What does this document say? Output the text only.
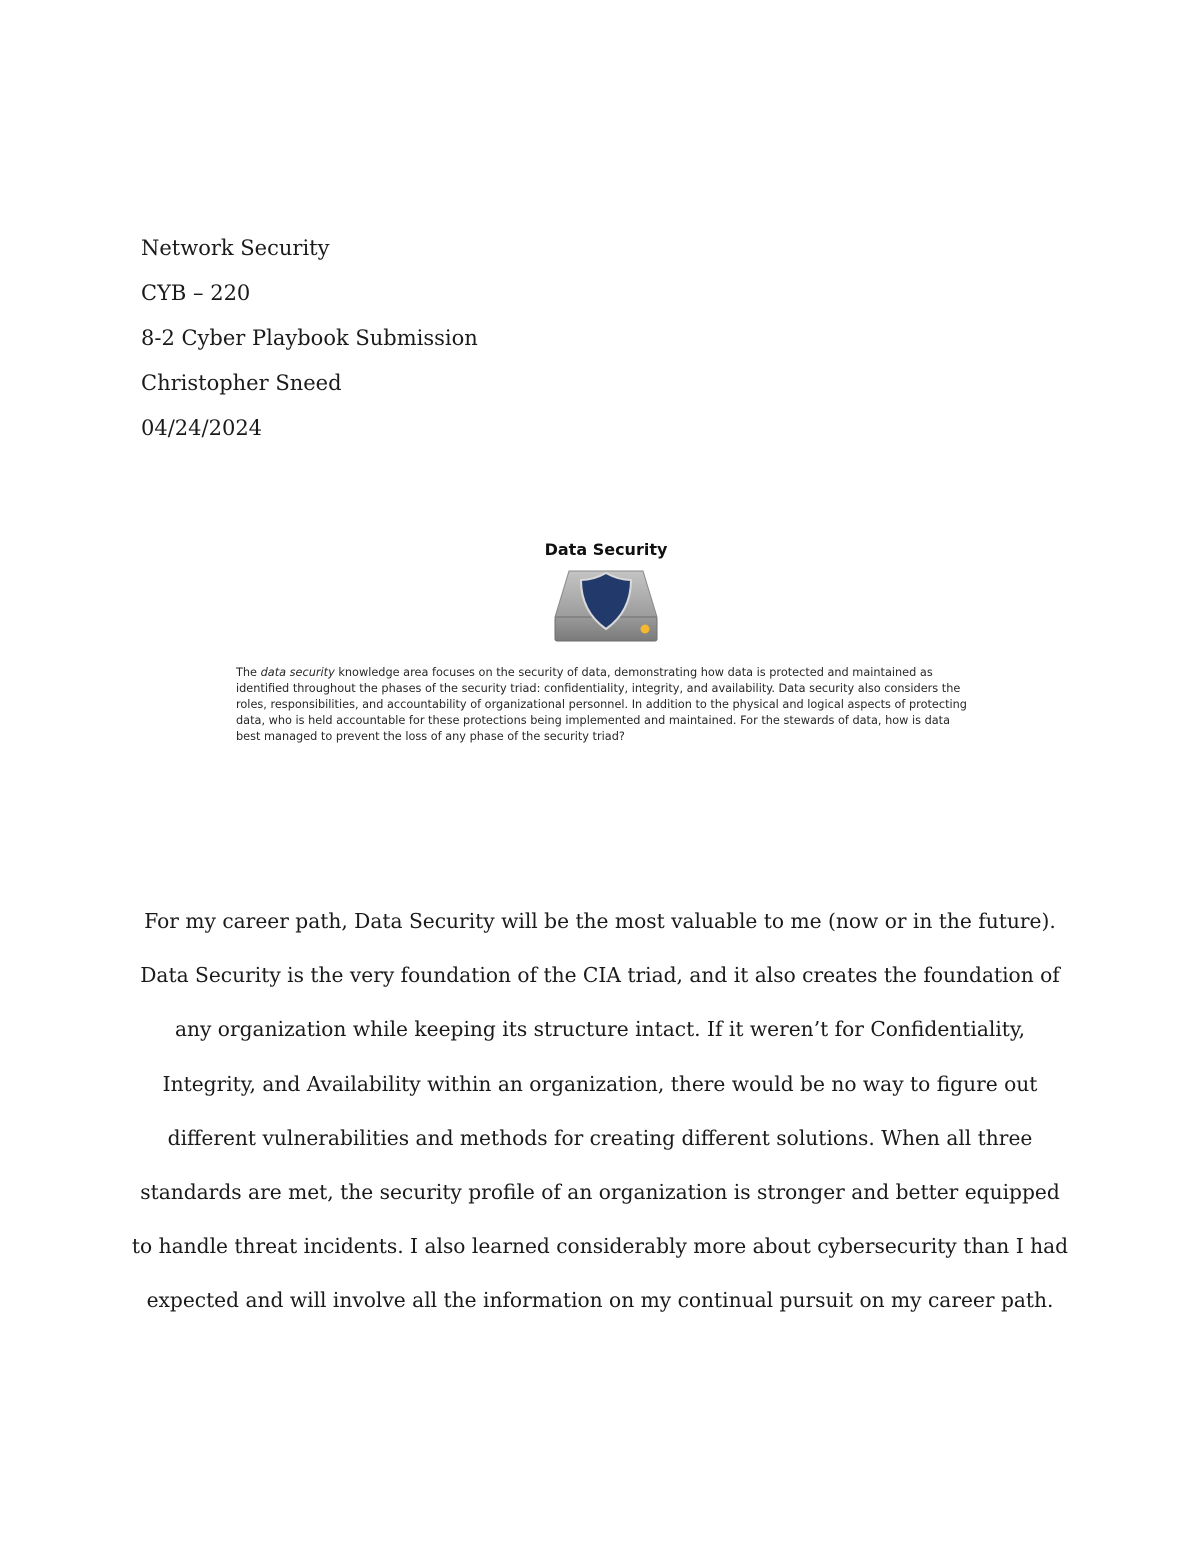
Network Security
CYB – 220
8-2 Cyber Playbook Submission
Christopher Sneed
04/24/2024
Data Security
The data security knowledge area focuses on the security of data, demonstrating how data is protected and maintained as identified throughout the phases of the security triad: confidentiality, integrity, and availability. Data security also considers the roles, responsibilities, and accountability of organizational personnel. In addition to the physical and logical aspects of protecting data, who is held accountable for these protections being implemented and maintained. For the stewards of data, how is data best managed to prevent the loss of any phase of the security triad?
For my career path, Data Security will be the most valuable to me (now or in the future). Data Security is the very foundation of the CIA triad, and it also creates the foundation of any organization while keeping its structure intact. If it weren’t for Confidentiality, Integrity, and Availability within an organization, there would be no way to figure out different vulnerabilities and methods for creating different solutions. When all three standards are met, the security profile of an organization is stronger and better equipped to handle threat incidents. I also learned considerably more about cybersecurity than I had expected and will involve all the information on my continual pursuit on my career path.
